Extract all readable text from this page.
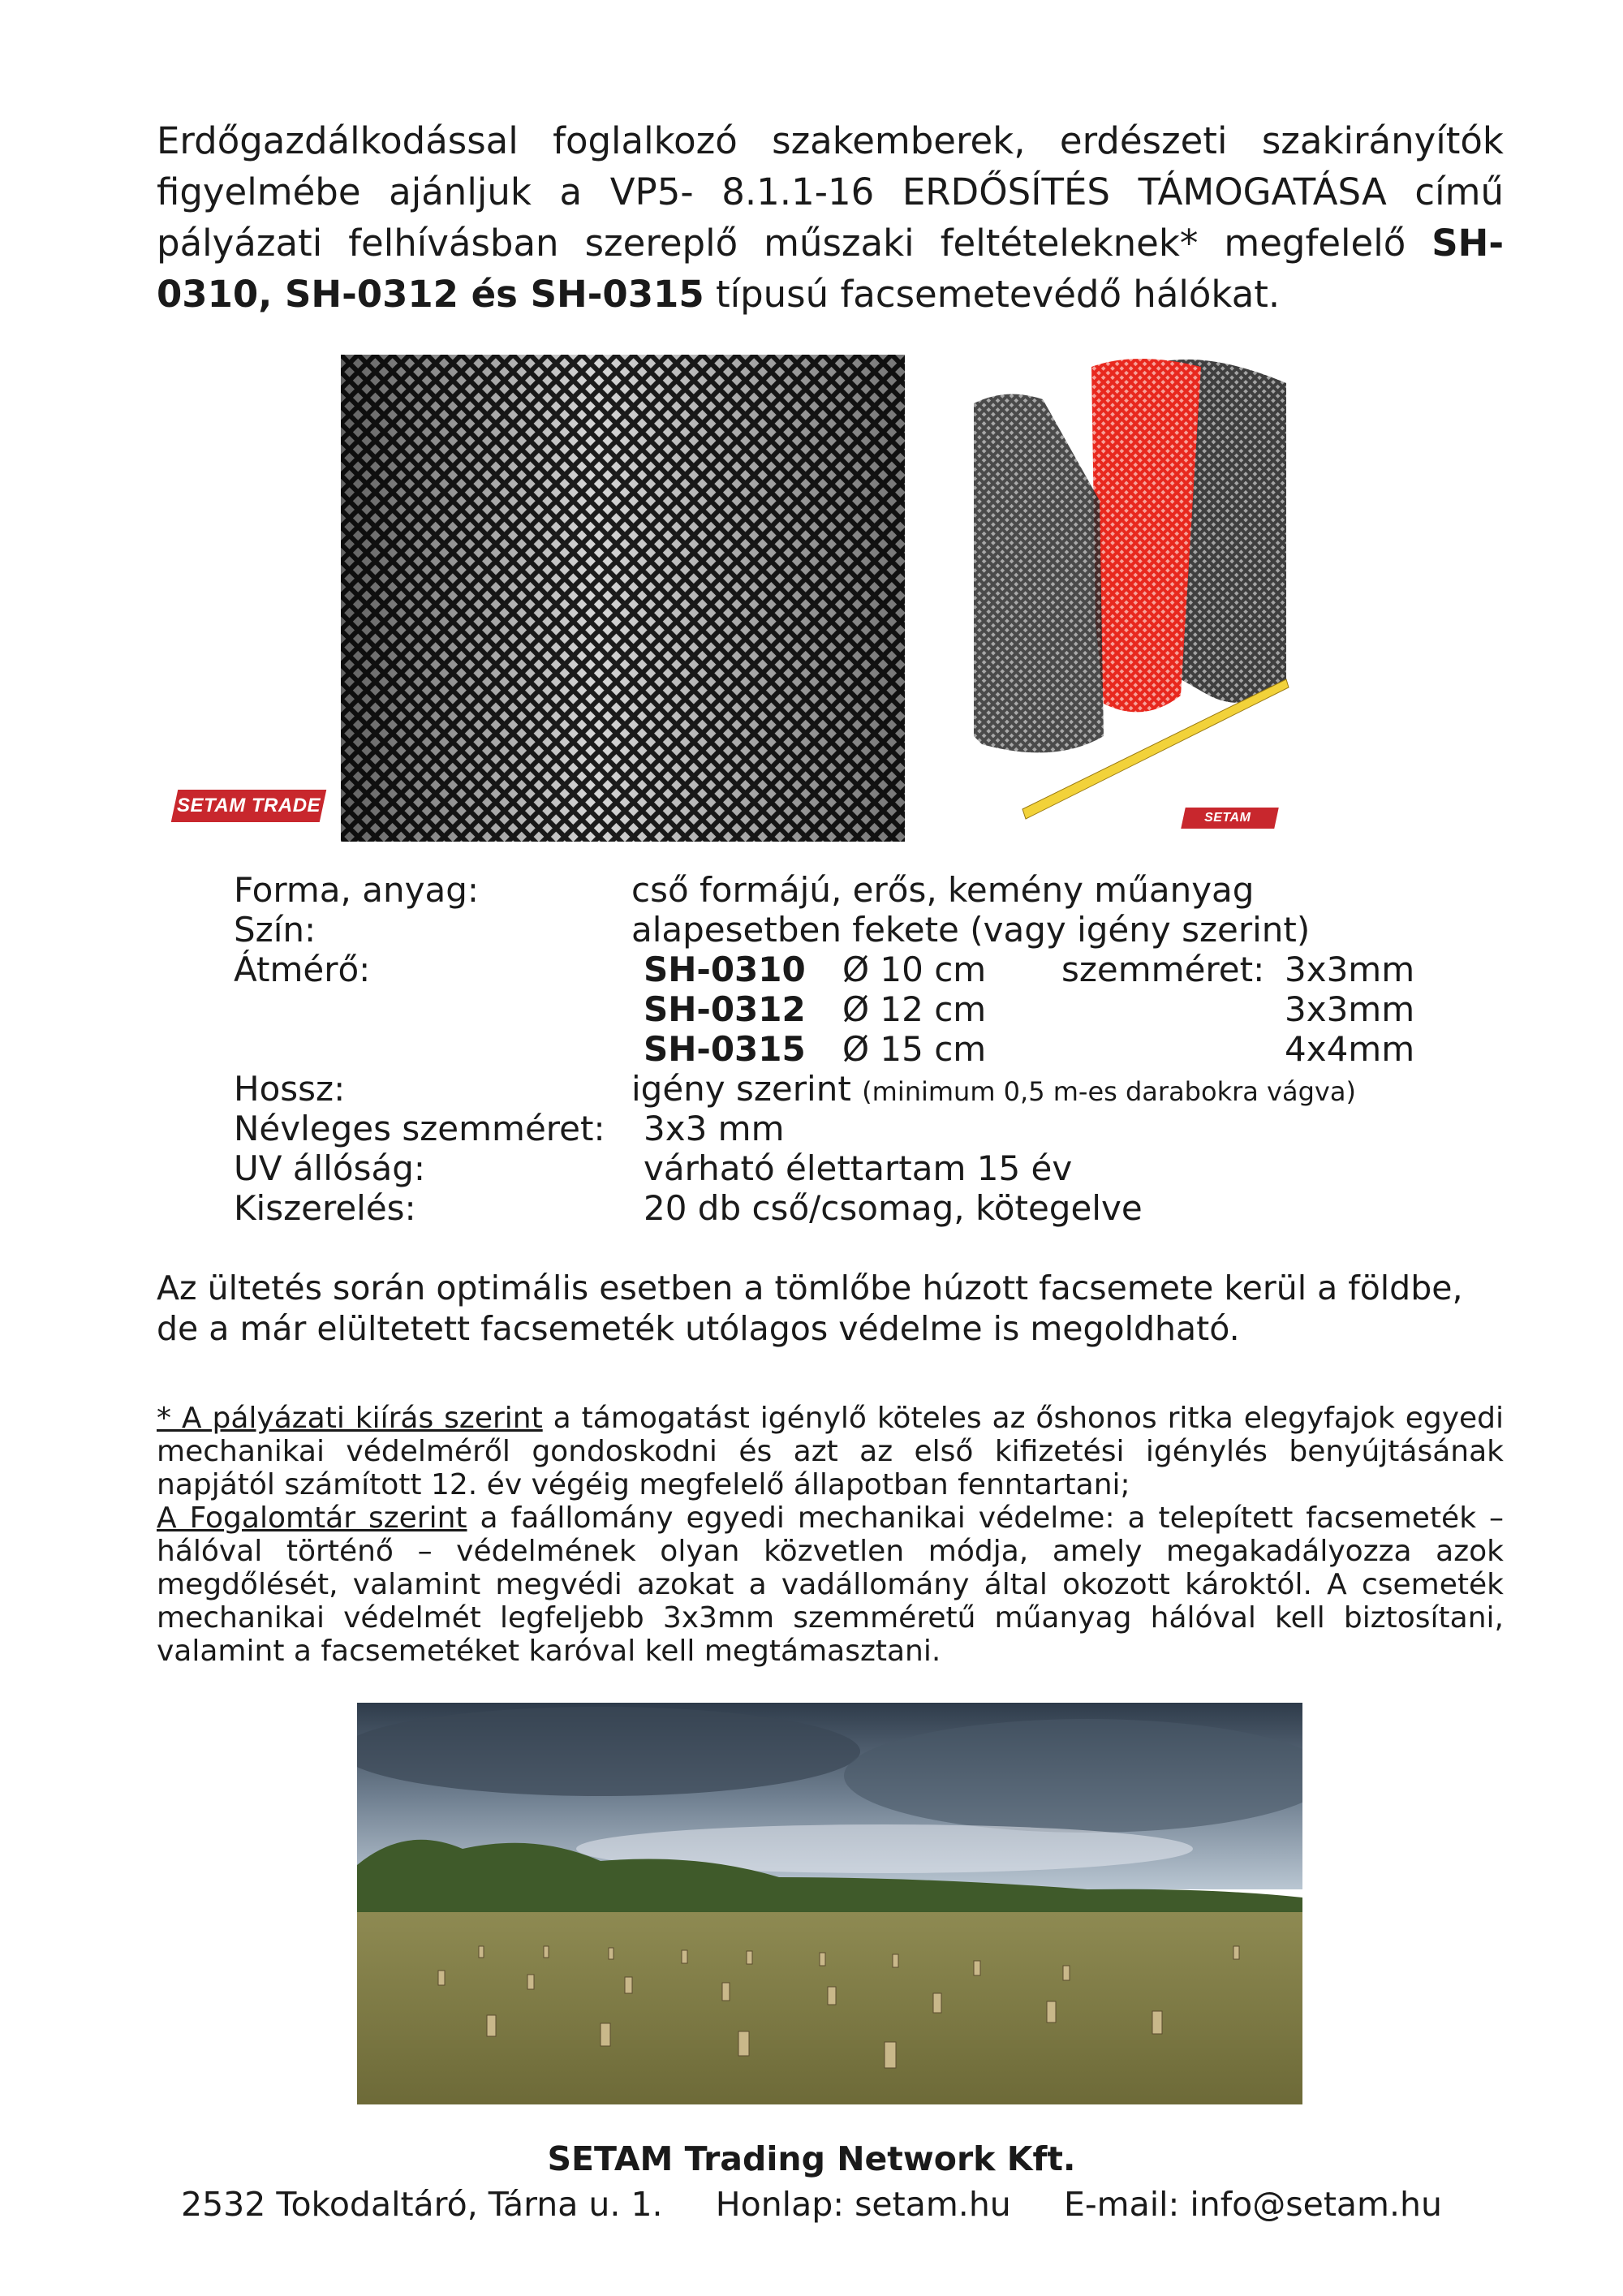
Erdőgazdálkodással foglalkozó szakemberek, erdészeti szakirányítók figyelmébe ajánljuk a VP5- 8.1.1-16 ERDŐSÍTÉS TÁMOGATÁSA című pályázati felhívásban szereplő műszaki feltételeknek* megfelelő SH-0310, SH-0312 és SH-0315 típusú facsemetevédő hálókat.
SETAM TRADE
SETAM TRADE
Forma, anyag:	cső formájú, erős, kemény műanyag
Szín:	alapesetben fekete (vagy igény szerint)
Átmérő:	SH-0310	Ø 10 cm	szemméret: 3x3mm
SH-0312	Ø 12 cm	3x3mm
SH-0315	Ø 15 cm	4x4mm
Hossz:	igény szerint (minimum 0,5 m-es darabokra vágva)
Névleges szemméret:	3x3 mm
UV állóság:	várható élettartam 15 év
Kiszerelés:	20 db cső/csomag, kötegelve
Az ültetés során optimális esetben a tömlőbe húzott facsemete kerül a földbe,
de a már elültetett facsemeték utólagos védelme is megoldható.
* A pályázati kiírás szerint a támogatást igénylő köteles az őshonos ritka elegyfajok egyedi mechanikai védelméről gondoskodni és azt az első kifizetési igénylés benyújtásának napjától számított 12. év végéig megfelelő állapotban fenntartani;
A Fogalomtár szerint a faállomány egyedi mechanikai védelme: a telepített facsemeték – hálóval történő – védelmének olyan közvetlen módja, amely megakadályozza azok megdőlését, valamint megvédi azokat a vadállomány által okozott károktól. A csemeték mechanikai védelmét legfeljebb 3x3mm szemméretű műanyag hálóval kell biztosítani, valamint a facsemetéket karóval kell megtámasztani.
SETAM Trading Network Kft.
2532 Tokodaltáró, Tárna u. 1. Honlap: setam.hu E-mail: info@setam.hu
